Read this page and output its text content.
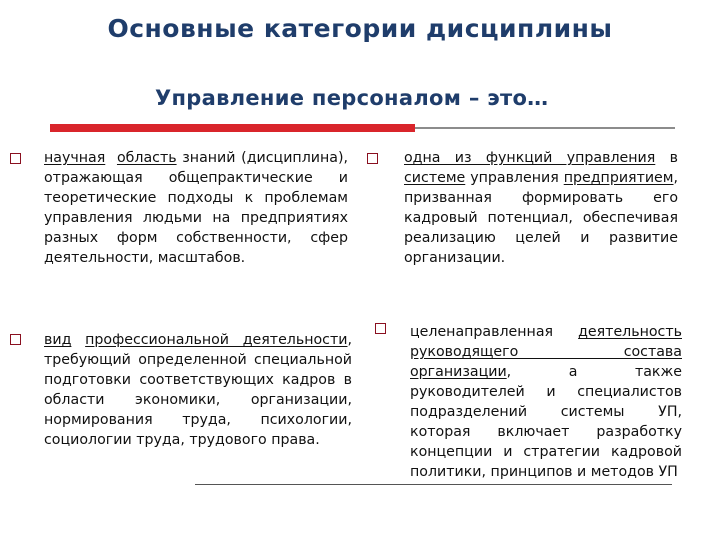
Основные категории дисциплины
Управление персоналом – это…
научная область знаний (дисциплина), отражающая общепрактические и теоретические подходы к проблемам управления людьми на предприятиях разных форм собственности, сфер деятельности, масштабов.
одна из функций управления в системе управления предприятием, призванная формировать его кадровый потенциал, обеспечивая реализацию целей и развитие организации.
вид профессиональной деятельности, требующий определенной специальной подготовки соответствующих кадров в области экономики, организации, нормирования труда, психологии, социологии труда, трудового права.
целенаправленная деятельность руководящего состава организации, а также руководителей и специалистов подразделений системы УП, которая включает разработку концепции и стратегии кадровой политики, принципов и методов УП
